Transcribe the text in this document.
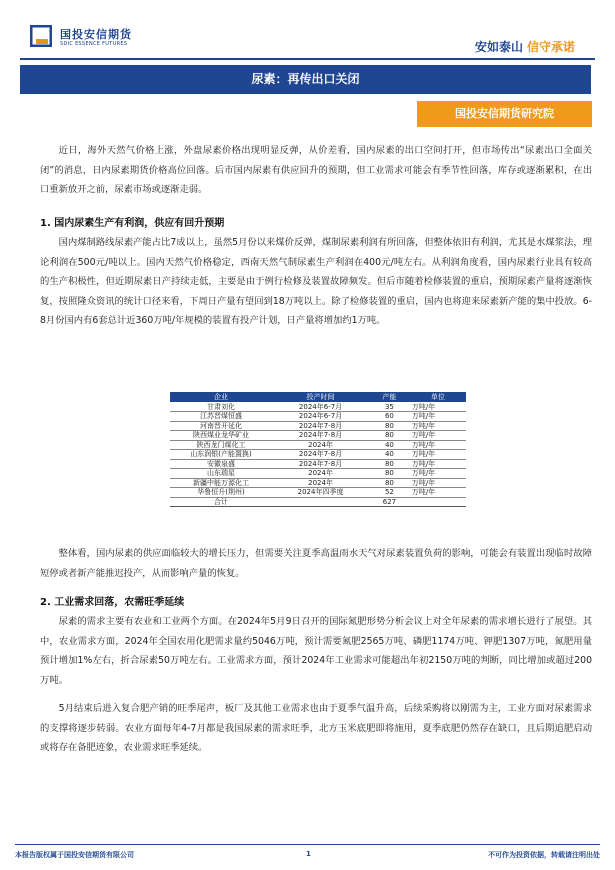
国投安信期货
SDIC ESSENCE FUTURES	安如泰山 信守承诺
尿素：再传出口关闭
国投安信期货研究院
近日，海外天然气价格上涨，外盘尿素价格出现明显反弹，从价差看，国内尿素的出口空间打开，但市场传出“尿素出口全面关闭”的消息，日内尿素期货价格高位回落。后市国内尿素有供应回升的预期，但工业需求可能会有季节性回落，库存或逐渐累积，在出口重新放开之前，尿素市场或逐渐走弱。
1. 国内尿素生产有利润，供应有回升预期
国内煤制路线尿素产能占比7成以上，虽然5月份以来煤价反弹，煤制尿素利润有所回落，但整体依旧有利润，尤其是水煤浆法，理论利润在500元/吨以上。国内天然气价格稳定，西南天然气制尿素生产利润在400元/吨左右。从利润角度看，国内尿素行业具有较高的生产积极性，但近期尿素日产持续走低，主要是由于例行检修及装置故障频发。但后市随着检修装置的重启，预期尿素产量将逐渐恢复，按照隆众资讯的统计口径来看，下周日产量有望回到18万吨以上。除了检修装置的重启，国内也将迎来尿素新产能的集中投放。6-8月份国内有6套总计近360万吨/年规模的装置有投产计划，日产量将增加约1万吨。
企业	投产时间	产能	单位
甘肃刘化	2024年6-7月	35	万吨/年
江苏晋煤恒盛	2024年6-7月	60	万吨/年
河南晋开延化	2024年7-8月	80	万吨/年
陕西煤业龙华矿业	2024年7-8月	80	万吨/年
陕西龙门煤化工	2024年	40	万吨/年
山东润银(产能置换)	2024年7-8月	40	万吨/年
安徽泉盛	2024年7-8月	80	万吨/年
山东瑞星	2024年	80	万吨/年
新疆中能万源化工	2024年	80	万吨/年
华鲁恒升(荆州)	2024年四季度	52	万吨/年
合计		627	
整体看，国内尿素的供应面临较大的增长压力，但需要关注夏季高温雨水天气对尿素装置负荷的影响，可能会有装置出现临时故障短停或者新产能推迟投产，从而影响产量的恢复。
2. 工业需求回落，农需旺季延续
尿素的需求主要有农业和工业两个方面。在2024年5月9日召开的国际氮肥形势分析会议上对全年尿素的需求增长进行了展望。其中，农业需求方面，2024年全国农用化肥需求量约5046万吨，预计需要氮肥2565万吨、磷肥1174万吨、钾肥1307万吨，氮肥用量预计增加1%左右，折合尿素50万吨左右。工业需求方面，预计2024年工业需求可能超出年初2150万吨的判断，同比增加或超过200万吨。
5月结束后进入复合肥产销的旺季尾声，板厂及其他工业需求也由于夏季气温升高，后续采购将以刚需为主，工业方面对尿素需求的支撑将逐步转弱。农业方面每年4-7月都是我国尿素的需求旺季，北方玉米底肥即将施用，夏季底肥仍然存在缺口，且后期追肥启动或将存在备肥迹象，农业需求旺季延续。
本报告版权属于国投安信期货有限公司	1	不可作为投资依据，转载请注明出处
